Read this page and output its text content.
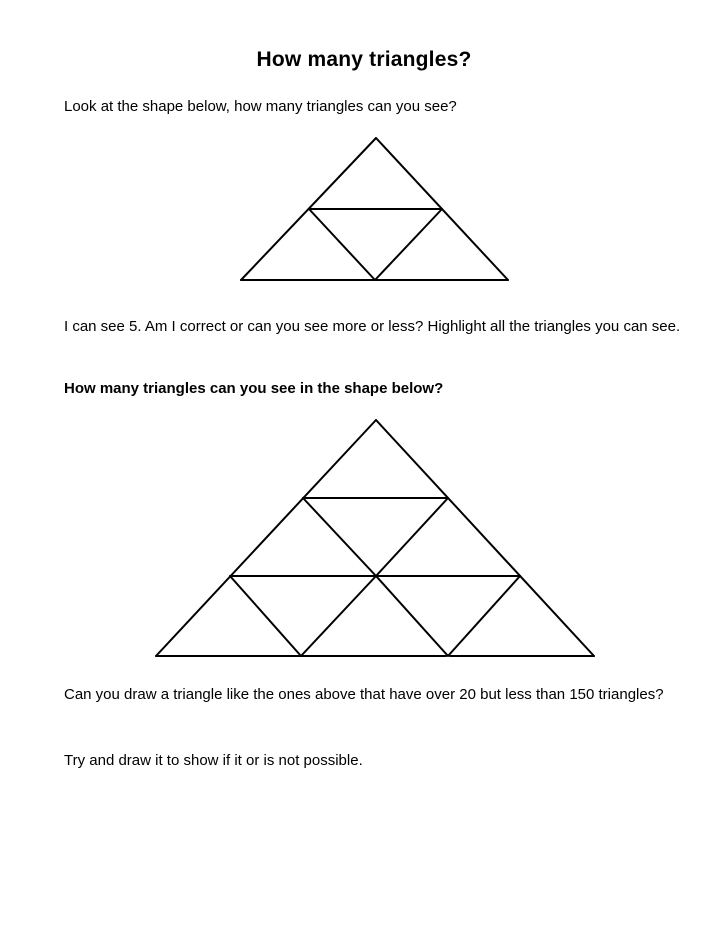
How many triangles?
Look at the shape below, how many triangles can you see?
I can see 5. Am I correct or can you see more or less? Highlight all the triangles you can see.
How many triangles can you see in the shape below?
Can you draw a triangle like the ones above that have over 20 but less than 150 triangles?
Try and draw it to show if it or is not possible.
